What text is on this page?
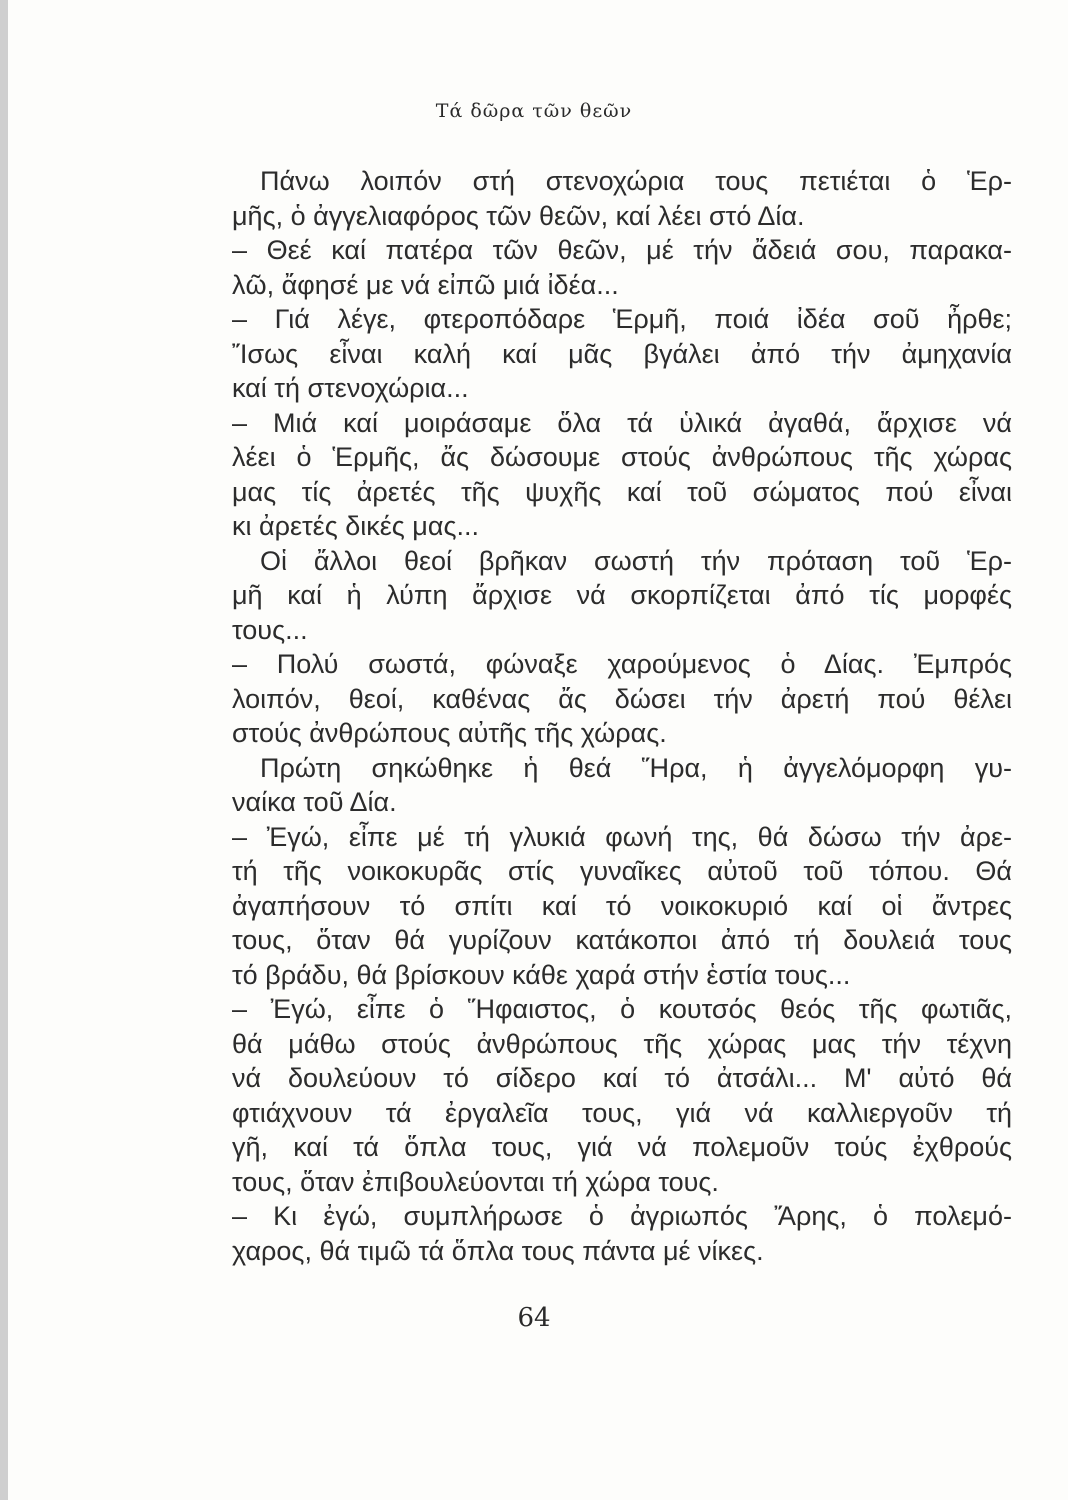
Τά δῶρα τῶν θεῶν
Πάνω λοιπόν στή στενοχώρια τους πετιέται ὁ Ἑρ-
μῆς, ὁ ἀγγελιαφόρος τῶν θεῶν, καί λέει στό Δία.
– Θεέ καί πατέρα τῶν θεῶν, μέ τήν ἄδειά σου, παρακα-
λῶ, ἄφησέ με νά εἰπῶ μιά ἰδέα...
– Γιά λέγε, φτεροπόδαρε Ἑρμῆ, ποιά ἰδέα σοῦ ἦρθε;
Ἴσως εἶναι καλή καί μᾶς βγάλει ἀπό τήν ἀμηχανία
καί τή στενοχώρια...
– Μιά καί μοιράσαμε ὅλα τά ὑλικά ἀγαθά, ἄρχισε νά
λέει ὁ Ἑρμῆς, ἄς δώσουμε στούς ἀνθρώπους τῆς χώρας
μας τίς ἀρετές τῆς ψυχῆς καί τοῦ σώματος πού εἶναι
κι ἀρετές δικές μας...
Οἱ ἄλλοι θεοί βρῆκαν σωστή τήν πρόταση τοῦ Ἑρ-
μῆ καί ἡ λύπη ἄρχισε νά σκορπίζεται ἀπό τίς μορφές
τους...
– Πολύ σωστά, φώναξε χαρούμενος ὁ Δίας. Ἐμπρός
λοιπόν, θεοί, καθένας ἄς δώσει τήν ἀρετή πού θέλει
στούς ἀνθρώπους αὐτῆς τῆς χώρας.
Πρώτη σηκώθηκε ἡ θεά Ἥρα, ἡ ἀγγελόμορφη γυ-
ναίκα τοῦ Δία.
– Ἐγώ, εἶπε μέ τή γλυκιά φωνή της, θά δώσω τήν ἀρε-
τή τῆς νοικοκυρᾶς στίς γυναῖκες αὐτοῦ τοῦ τόπου. Θά
ἀγαπήσουν τό σπίτι καί τό νοικοκυριό καί οἱ ἄντρες
τους, ὅταν θά γυρίζουν κατάκοποι ἀπό τή δουλειά τους
τό βράδυ, θά βρίσκουν κάθε χαρά στήν ἑστία τους...
– Ἐγώ, εἶπε ὁ Ἥφαιστος, ὁ κουτσός θεός τῆς φωτιᾶς,
θά μάθω στούς ἀνθρώπους τῆς χώρας μας τήν τέχνη
νά δουλεύουν τό σίδερο καί τό ἀτσάλι... Μ' αὐτό θά
φτιάχνουν τά ἐργαλεῖα τους, γιά νά καλλιεργοῦν τή
γῆ, καί τά ὅπλα τους, γιά νά πολεμοῦν τούς ἐχθρούς
τους, ὅταν ἐπιβουλεύονται τή χώρα τους.
– Κι ἐγώ, συμπλήρωσε ὁ ἀγριωπός Ἄρης, ὁ πολεμό-
χαρος, θά τιμῶ τά ὅπλα τους πάντα μέ νίκες.
64
